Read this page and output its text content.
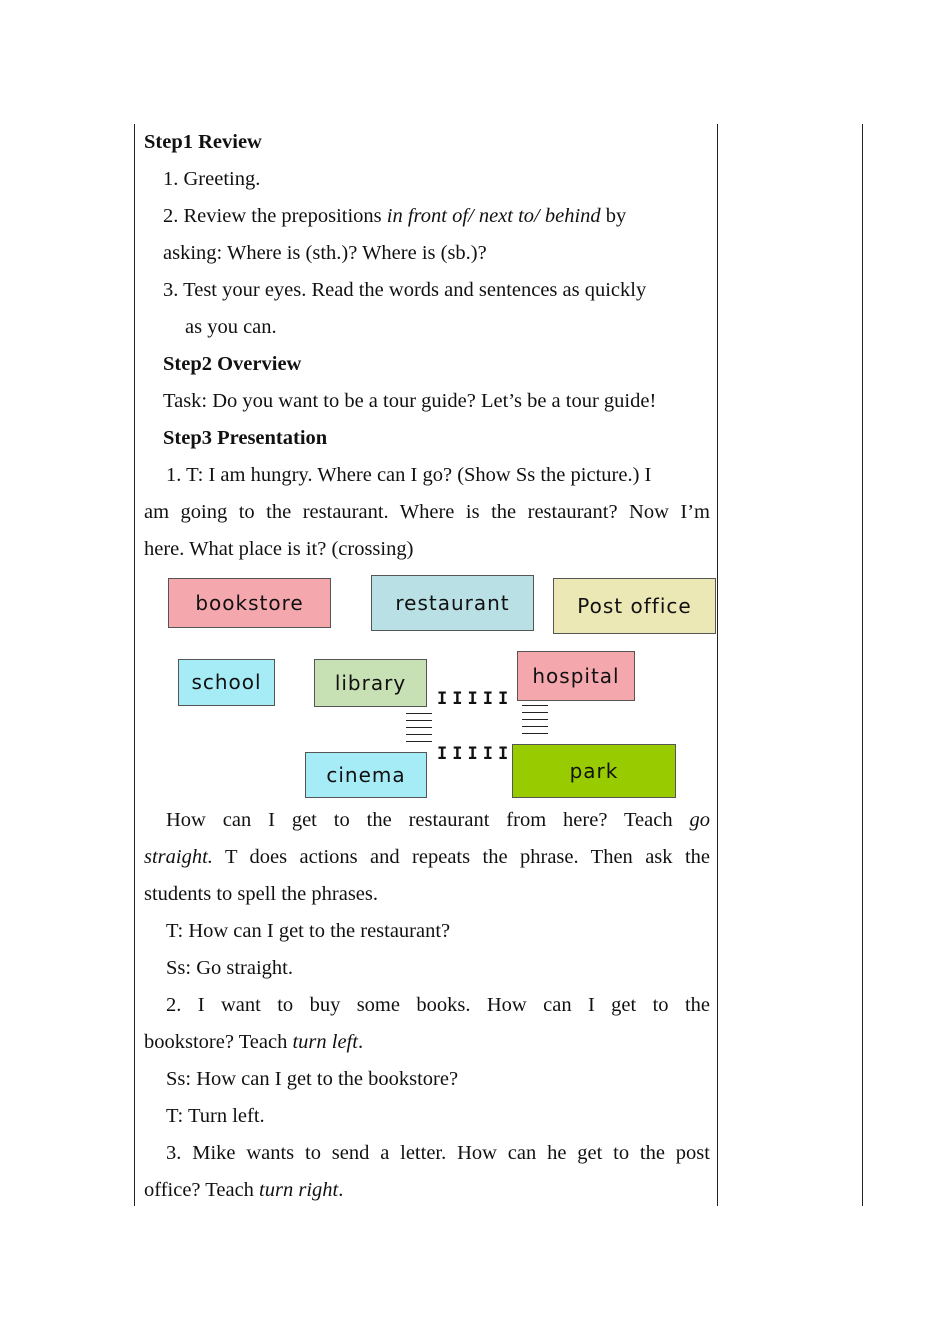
Step1 Review
1. Greeting.
2. Review the prepositions in front of/ next to/ behind by
asking: Where is (sth.)? Where is (sb.)?
3. Test your eyes. Read the words and sentences as quickly
as you can.
Step2 Overview
Task: Do you want to be a tour guide? Let’s be a tour guide!
Step3 Presentation
1. T: I am hungry. Where can I go? (Show Ss the picture.) I
am going to the restaurant. Where is the restaurant? Now I’m
here. What place is it? (crossing)
bookstore	restaurant	Post office
school	library	hospital
cinema	park
IIIII
IIIII
How can I get to the restaurant from here? Teach go
straight. T does actions and repeats the phrase. Then ask the
students to spell the phrases.
T: How can I get to the restaurant?
Ss: Go straight.
2. I want to buy some books. How can I get to the
bookstore? Teach turn left.
Ss: How can I get to the bookstore?
T: Turn left.
3. Mike wants to send a letter. How can he get to the post
office? Teach turn right.
